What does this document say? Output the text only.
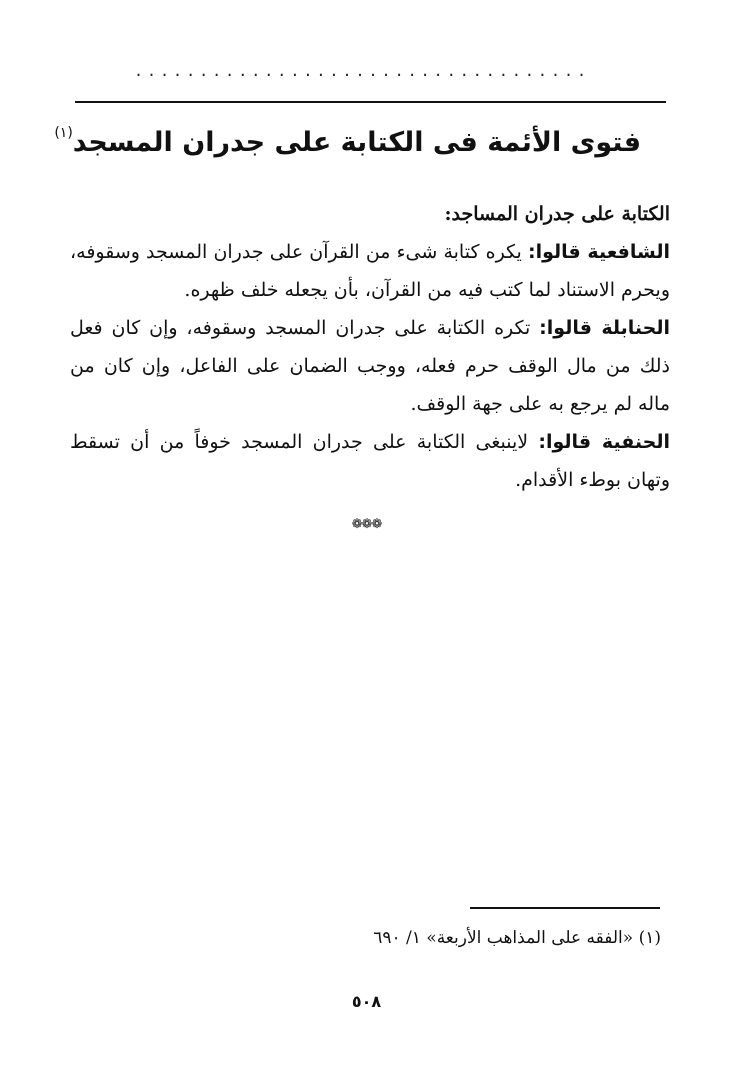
...................................
فتوى الأئمة فى الكتابة على جدران المسجد$^{(١)}$

الكتابة على جدران المساجد:

الشافعية قالوا: يكره كتابة شىء من القرآن على جدران المسجد وسقوفه، ويحرم الاستناد لما كتب فيه من القرآن، بأن يجعله خلف ظهره.

الحنابلة قالوا: تكره الكتابة على جدران المسجد وسقوفه، وإن كان فعل ذلك من مال الوقف حرم فعله، ووجب الضمان على الفاعل، وإن كان من ماله لم يرجع به على جهة الوقف.

الحنفية قالوا: لاينبغى الكتابة على جدران المسجد خوفاً من أن تسقط وتهان بوطء الأقدام.

❁❁❁
(١) «الفقه على المذاهب الأربعة» ١/ ٦٩٠
٥٠٨
